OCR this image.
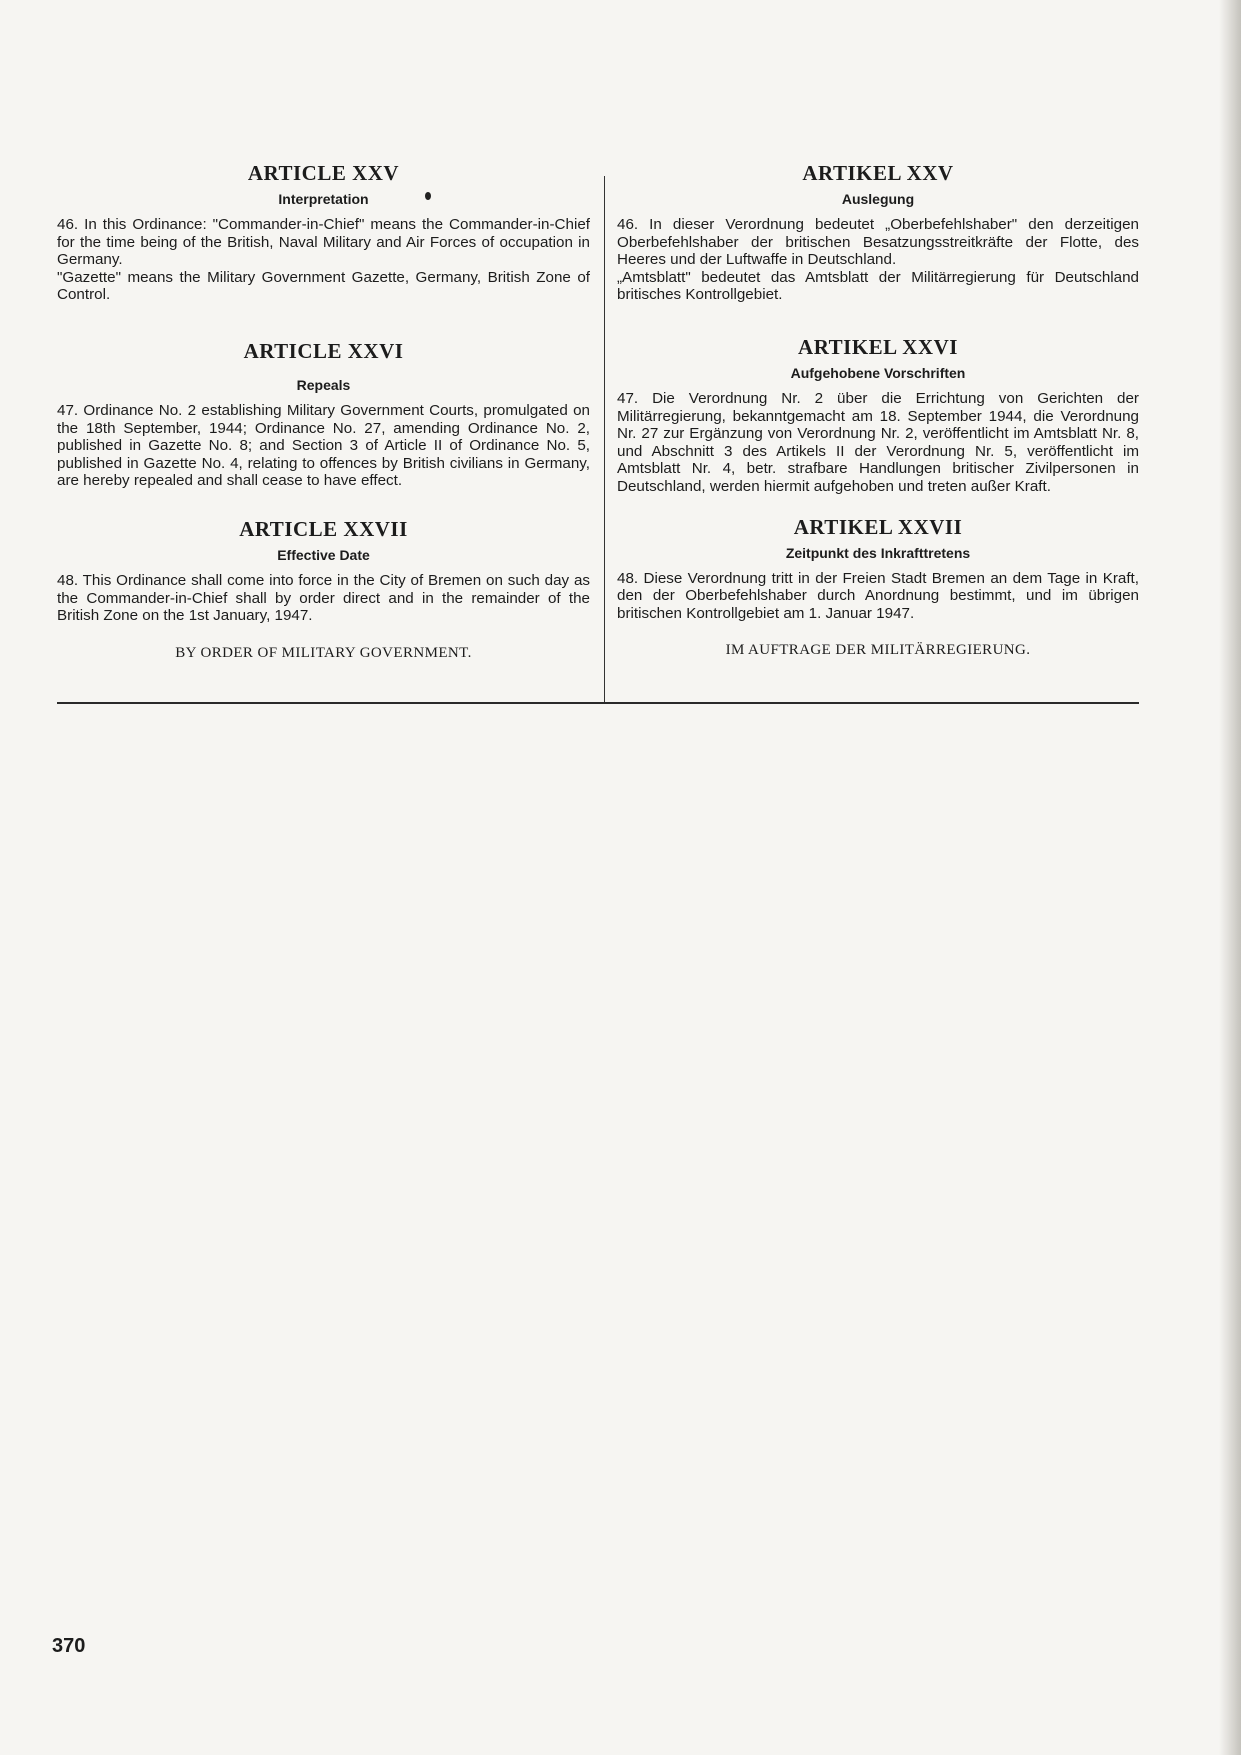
ARTICLE XXV
Interpretation

46. In this Ordinance: "Commander-in-Chief" means the Commander-in-Chief for the time being of the British, Naval Military and Air Forces of occupation in Germany.

"Gazette" means the Military Government Gazette, Germany, British Zone of Control.

ARTICLE XXVI
Repeals

47. Ordinance No. 2 establishing Military Government Courts, promulgated on the 18th September, 1944; Ordinance No. 27, amending Ordinance No. 2, published in Gazette No. 8; and Section 3 of Article II of Ordinance No. 5, published in Gazette No. 4, relating to offences by British civilians in Germany, are hereby repealed and shall cease to have effect.

ARTICLE XXVII
Effective Date

48. This Ordinance shall come into force in the City of Bremen on such day as the Commander-in-Chief shall by order direct and in the remainder of the British Zone on the 1st January, 1947.

BY ORDER OF MILITARY GOVERNMENT.
ARTIKEL XXV
Auslegung

46. In dieser Verordnung bedeutet „Oberbefehlshaber" den derzeitigen Oberbefehlshaber der britischen Besatzungsstreitkräfte der Flotte, des Heeres und der Luftwaffe in Deutschland.

„Amtsblatt" bedeutet das Amtsblatt der Militärregierung für Deutschland britisches Kontrollgebiet.

ARTIKEL XXVI
Aufgehobene Vorschriften

47. Die Verordnung Nr. 2 über die Errichtung von Gerichten der Militärregierung, bekanntgemacht am 18. September 1944, die Verordnung Nr. 27 zur Ergänzung von Verordnung Nr. 2, veröffentlicht im Amtsblatt Nr. 8, und Abschnitt 3 des Artikels II der Verordnung Nr. 5, veröffentlicht im Amtsblatt Nr. 4, betr. strafbare Handlungen britischer Zivilpersonen in Deutschland, werden hiermit aufgehoben und treten außer Kraft.

ARTIKEL XXVII
Zeitpunkt des Inkrafttretens

48. Diese Verordnung tritt in der Freien Stadt Bremen an dem Tage in Kraft, den der Oberbefehlshaber durch Anordnung bestimmt, und im übrigen britischen Kontrollgebiet am 1. Januar 1947.

IM AUFTRAGE DER MILITÄRREGIERUNG.
370
